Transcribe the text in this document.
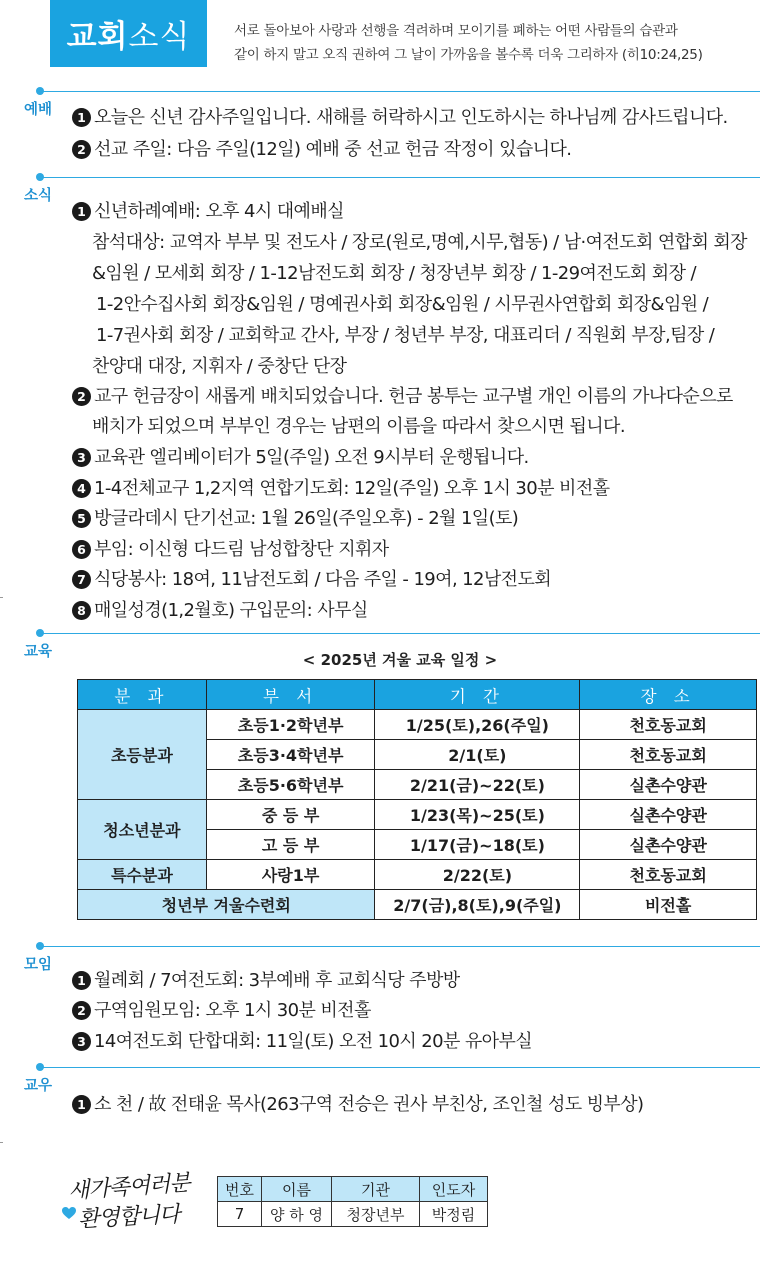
교회 소식	서로 돌아보아 사랑과 선행을 격려하며 모이기를 폐하는 어떤 사람들의 습관과
같이 하지 말고 오직 권하여 그 날이 가까움을 볼수록 더욱 그리하자 (히10:24,25)
예배	1 오늘은 신년 감사주일입니다. 새해를 허락하시고 인도하시는 하나님께 감사드립니다.
2 선교 주일: 다음 주일(12일) 예배 중 선교 헌금 작정이 있습니다.
소식
1 신년하례예배: 오후 4시 대예배실
참석대상: 교역자 부부 및 전도사 / 장로(원로,명예,시무,협동) / 남·여전도회 연합회 회장
&임원 / 모세회 회장 / 1-12남전도회 회장 / 청장년부 회장 / 1-29여전도회 회장 /
1-2안수집사회 회장&임원 / 명예권사회 회장&임원 / 시무권사연합회 회장&임원 /
1-7권사회 회장 / 교회학교 간사, 부장 / 청년부 부장, 대표리더 / 직원회 부장,팀장 /
찬양대 대장, 지휘자 / 중창단 단장
2 교구 헌금장이 새롭게 배치되었습니다. 헌금 봉투는 교구별 개인 이름의 가나다순으로
배치가 되었으며 부부인 경우는 남편의 이름을 따라서 찾으시면 됩니다.
3 교육관 엘리베이터가 5일(주일) 오전 9시부터 운행됩니다.
4 1-4전체교구 1,2지역 연합기도회: 12일(주일) 오후 1시 30분 비전홀
5 방글라데시 단기선교: 1월 26일(주일오후) - 2월 1일(토)
6 부임: 이신형 다드림 남성합창단 지휘자
7 식당봉사: 18여, 11남전도회 / 다음 주일 - 19여, 12남전도회
8 매일성경(1,2월호) 구입문의: 사무실
교육	< 2025년 겨울 교육 일정 >
분 과	부 서	기 간	장 소
초등분과	초등1·2학년부	1/25(토),26(주일)	천호동교회
	초등3·4학년부	2/1(토)	천호동교회
	초등5·6학년부	2/21(금)~22(토)	실촌수양관
청소년분과	중 등 부	1/23(목)~25(토)	실촌수양관
	고 등 부	1/17(금)~18(토)	실촌수양관
특수분과	사랑1부	2/22(토)	천호동교회
청년부 겨울수련회		2/7(금),8(토),9(주일)	비전홀
모임
1 월례회 / 7여전도회: 3부예배 후 교회식당 주방방
2 구역임원모임: 오후 1시 30분 비전홀
3 14여전도회 단합대회: 11일(토) 오전 10시 20분 유아부실
교우
1 소 천 / 故 전태윤 목사(263구역 전승은 권사 부친상, 조인철 성도 빙부상)
새가족여러분
환영합니다
번호	이름	기관	인도자
7	양 하 영	청장년부	박정림
